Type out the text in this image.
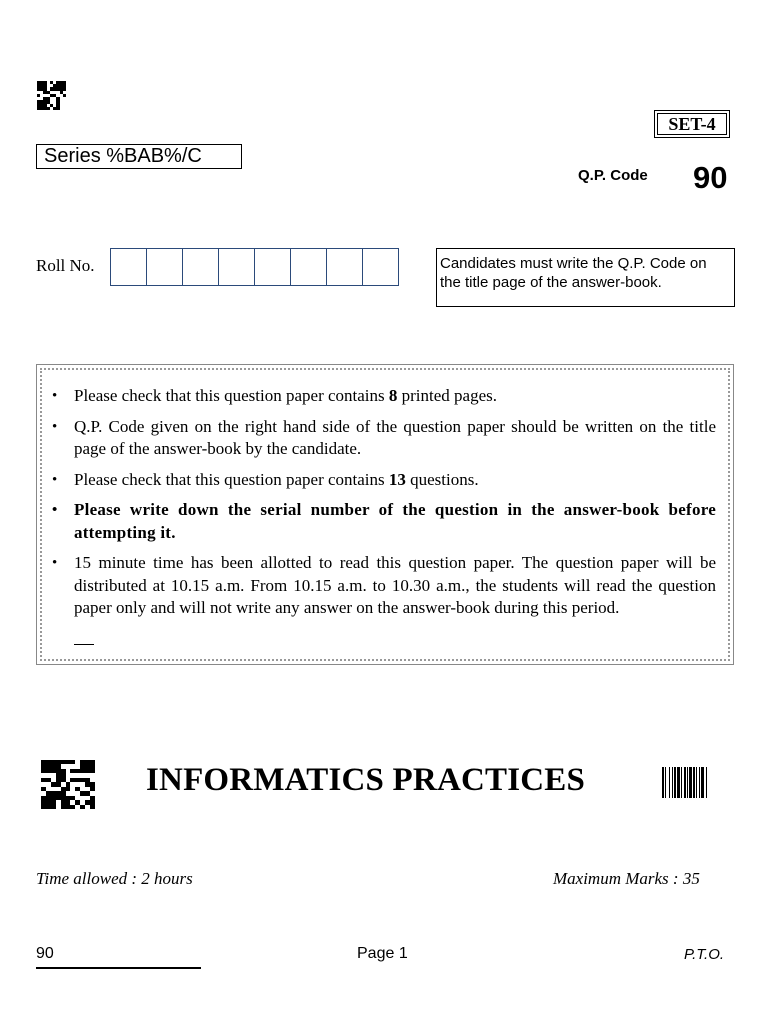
SET-4
Series %BAB%/C
Q.P. Code 90
Roll No.	Candidates must write the Q.P. Code on
the title page of the answer-book.
• Please check that this question paper contains 8 printed pages.
• Q.P. Code given on the right hand side of the question paper should be written on the title page of the answer-book by the candidate.
• Please check that this question paper contains 13 questions.
• Please write down the serial number of the question in the answer-book before attempting it.
• 15 minute time has been allotted to read this question paper. The question paper will be distributed at 10.15 a.m. From 10.15 a.m. to 10.30 a.m., the students will read the question paper only and will not write any answer on the answer-book during this period.
INFORMATICS PRACTICES
Time allowed : 2 hours	Maximum Marks : 35
90	Page 1	P.T.O.
